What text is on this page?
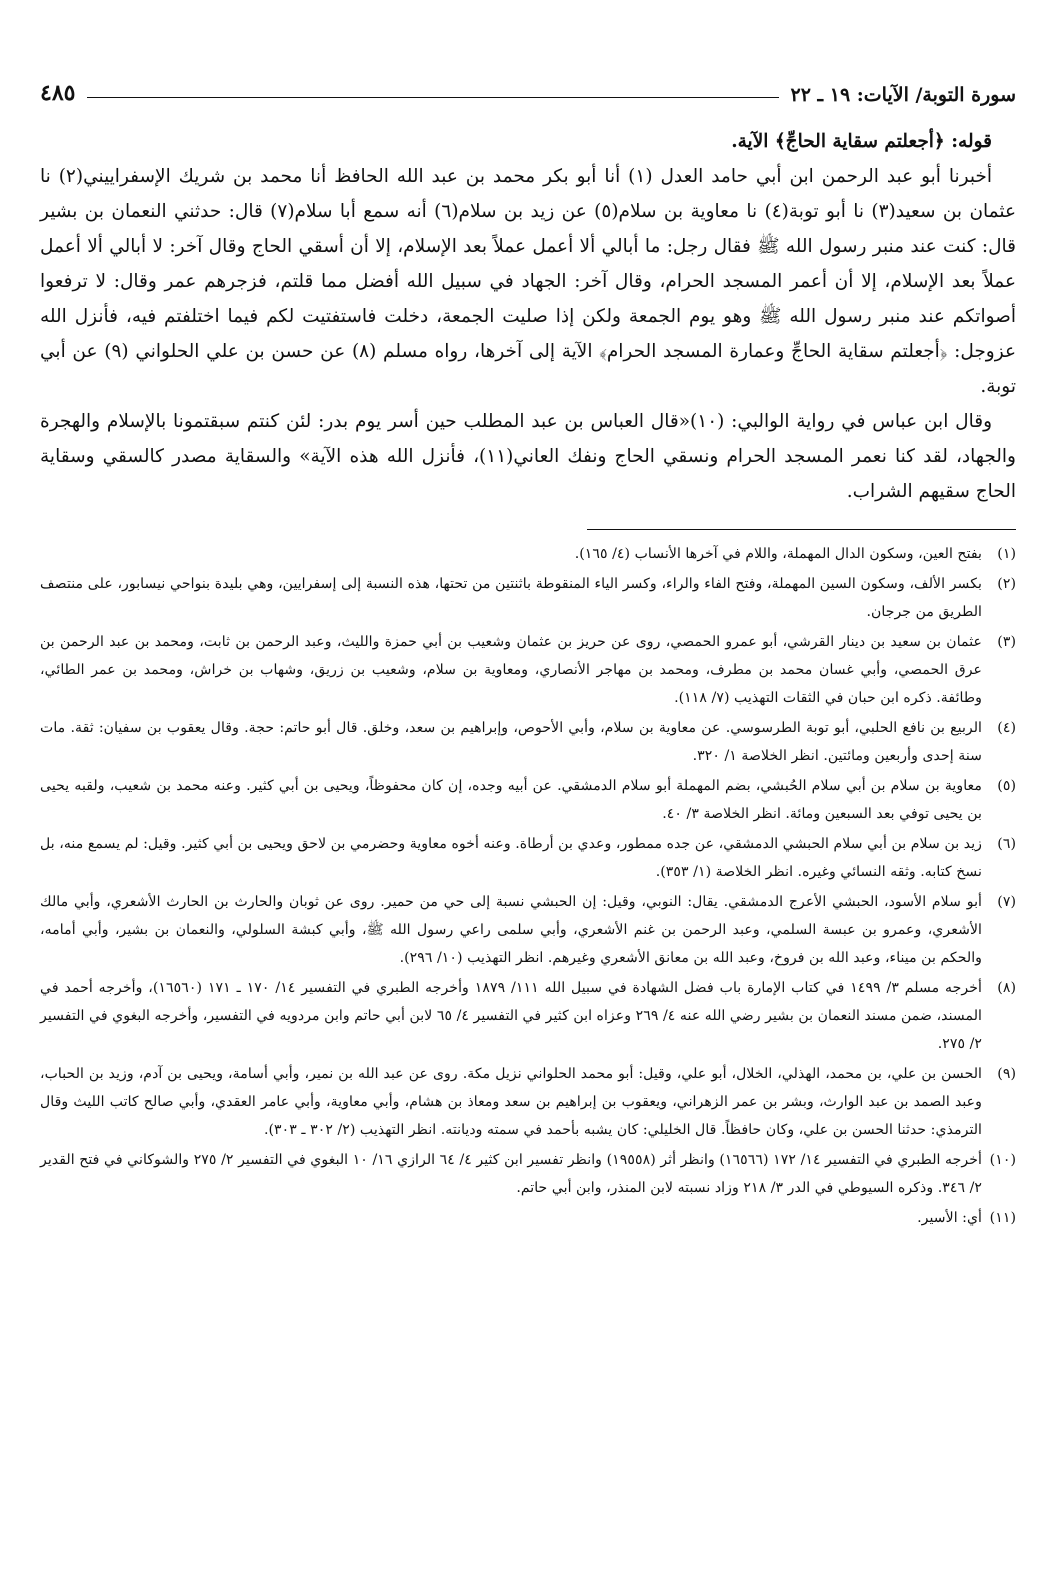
سورة التوبة/ الآيات: ١٩ ـ ٢٢
٤٨٥

قوله: ﴿أجعلتم سقاية الحاجِّ﴾ الآية.

أخبرنا أبو عبد الرحمن ابن أبي حامد العدل (١) أنا أبو بكر محمد بن عبد الله الحافظ أنا محمد بن شريك الإسفراييني(٢) نا عثمان بن سعيد(٣) نا أبو توبة(٤) نا معاوية بن سلام(٥) عن زيد بن سلام(٦) أنه سمع أبا سلام(٧) قال: حدثني النعمان بن بشير قال: كنت عند منبر رسول الله ﷺ فقال رجل: ما أبالي ألا أعمل عملاً بعد الإسلام، إلا أن أسقي الحاج وقال آخر: لا أبالي ألا أعمل عملاً بعد الإسلام، إلا أن أعمر المسجد الحرام، وقال آخر: الجهاد في سبيل الله أفضل مما قلتم، فزجرهم عمر وقال: لا ترفعوا أصواتكم عند منبر رسول الله ﷺ وهو يوم الجمعة ولكن إذا صليت الجمعة، دخلت فاستفتيت لكم فيما اختلفتم فيه، فأنزل الله عزوجل: ﴿أجعلتم سقاية الحاجِّ وعمارة المسجد الحرام﴾ الآية إلى آخرها، رواه مسلم (٨) عن حسن بن علي الحلواني (٩) عن أبي توبة.

وقال ابن عباس في رواية الوالبي: (١٠)«قال العباس بن عبد المطلب حين أسر يوم بدر: لئن كنتم سبقتمونا بالإسلام والهجرة والجهاد، لقد كنا نعمر المسجد الحرام ونسقي الحاج ونفك العاني(١١)، فأنزل الله هذه الآية» والسقاية مصدر كالسقي وسقاية الحاج سقيهم الشراب.

(١)
بفتح العين، وسكون الدال المهملة، واللام في آخرها الأنساب (٤/ ١٦٥).
(٢)
بكسر الألف، وسكون السين المهملة، وفتح الفاء والراء، وكسر الياء المنقوطة باثنتين من تحتها، هذه النسبة إلى إسفرايين، وهي بليدة بنواحي نيسابور، على منتصف الطريق من جرجان.
(٣)
عثمان بن سعيد بن دينار القرشي، أبو عمرو الحمصي، روى عن حريز بن عثمان وشعيب بن أبي حمزة والليث، وعبد الرحمن بن ثابت، ومحمد بن عبد الرحمن بن عرق الحمصي، وأبي غسان محمد بن مطرف، ومحمد بن مهاجر الأنصاري، ومعاوية بن سلام، وشعيب بن زريق، وشهاب بن خراش، ومحمد بن عمر الطائي، وطائفة. ذكره ابن حبان في الثقات التهذيب (٧/ ١١٨).
(٤)
الربيع بن نافع الحلبي، أبو توبة الطرسوسي. عن معاوية بن سلام، وأبي الأحوص، وإبراهيم بن سعد، وخلق. قال أبو حاتم: حجة. وقال يعقوب بن سفيان: ثقة. مات سنة إحدى وأربعين ومائتين. انظر الخلاصة ١/ ٣٢٠.
(٥)
معاوية بن سلام بن أبي سلام الحُبشي، بضم المهملة أبو سلام الدمشقي. عن أبيه وجده، إن كان محفوظاً، ويحيى بن أبي كثير. وعنه محمد بن شعيب، ولقبه يحيى بن يحيى توفي بعد السبعين ومائة. انظر الخلاصة ٣/ ٤٠.
(٦)
زيد بن سلام بن أبي سلام الحبشي الدمشقي، عن جده ممطور، وعدي بن أرطاة. وعنه أخوه معاوية وحضرمي بن لاحق ويحيى بن أبي كثير. وقيل: لم يسمع منه، بل نسخ كتابه. وثقه النسائي وغيره. انظر الخلاصة (١/ ٣٥٣).
(٧)
أبو سلام الأسود، الحبشي الأعرج الدمشقي. يقال: النوبي، وقيل: إن الحبشي نسبة إلى حي من حمير. روى عن ثوبان والحارث بن الحارث الأشعري، وأبي مالك الأشعري، وعمرو بن عبسة السلمي، وعبد الرحمن بن غنم الأشعري، وأبي سلمى راعي رسول الله ﷺ، وأبي كبشة السلولي، والنعمان بن بشير، وأبي أمامه، والحكم بن ميناء، وعبد الله بن فروخ، وعبد الله بن معانق الأشعري وغيرهم. انظر التهذيب (١٠/ ٢٩٦).
(٨)
أخرجه مسلم ٣/ ١٤٩٩ في كتاب الإمارة باب فضل الشهادة في سبيل الله ١١١/ ١٨٧٩ وأخرجه الطبري في التفسير ١٤/ ١٧٠ ـ ١٧١ (١٦٥٦٠)، وأخرجه أحمد في المسند، ضمن مسند النعمان بن بشير رضي الله عنه ٤/ ٢٦٩ وعزاه ابن كثير في التفسير ٤/ ٦٥ لابن أبي حاتم وابن مردويه في التفسير، وأخرجه البغوي في التفسير ٢/ ٢٧٥.
(٩)
الحسن بن علي، بن محمد، الهذلي، الخلال، أبو علي، وقيل: أبو محمد الحلواني نزيل مكة. روى عن عبد الله بن نمير، وأبي أسامة، ويحيى بن آدم، وزيد بن الحباب، وعبد الصمد بن عبد الوارث، وبشر بن عمر الزهراني، ويعقوب بن إبراهيم بن سعد ومعاذ بن هشام، وأبي معاوية، وأبي عامر العقدي، وأبي صالح كاتب الليث وقال الترمذي: حدثنا الحسن بن علي، وكان حافظاً. قال الخليلي: كان يشبه بأحمد في سمته وديانته. انظر التهذيب (٢/ ٣٠٢ ـ ٣٠٣).
(١٠)
أخرجه الطبري في التفسير ١٤/ ١٧٢ (١٦٥٦٦) وانظر أثر (١٩٥٥٨) وانظر تفسير ابن كثير ٤/ ٦٤ الرازي ١٦/ ١٠ البغوي في التفسير ٢/ ٢٧٥ والشوكاني في فتح القدير ٢/ ٣٤٦. وذكره السيوطي في الدر ٣/ ٢١٨ وزاد نسبته لابن المنذر، وابن أبي حاتم.
(١١)
أي: الأسير.
